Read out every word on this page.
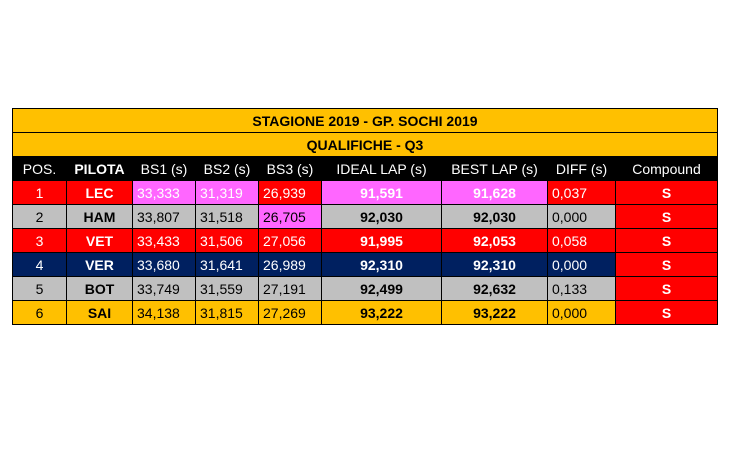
STAGIONE 2019 - GP. SOCHI 2019								
QUALIFICHE - Q3								
POS.	PILOTA	BS1 (s)	BS2 (s)	BS3 (s)	IDEAL LAP (s)	BEST LAP (s)	DIFF (s)	Compound
1	LEC	33,333	31,319	26,939	91,591	91,628	0,037	S
2	HAM	33,807	31,518	26,705	92,030	92,030	0,000	S
3	VET	33,433	31,506	27,056	91,995	92,053	0,058	S
4	VER	33,680	31,641	26,989	92,310	92,310	0,000	S
5	BOT	33,749	31,559	27,191	92,499	92,632	0,133	S
6	SAI	34,138	31,815	27,269	93,222	93,222	0,000	S
